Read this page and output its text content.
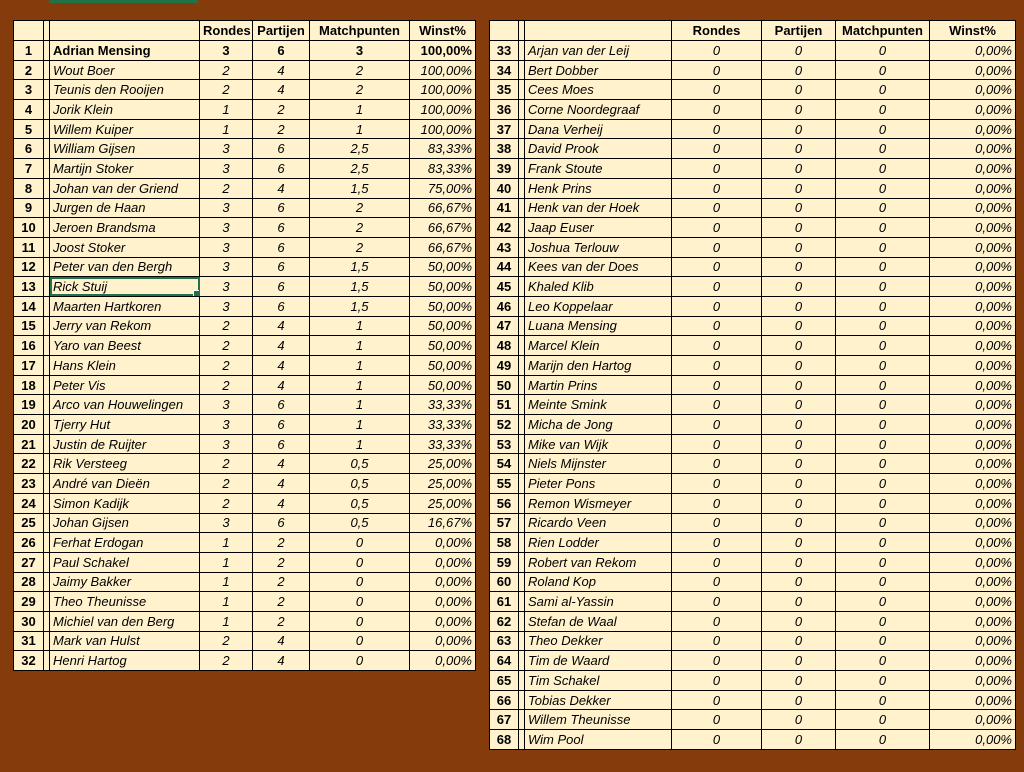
			Rondes	Partijen	Matchpunten	Winst%
1		Adrian Mensing	3	6	3	100,00%
2		Wout Boer	2	4	2	100,00%
3		Teunis den Rooijen	2	4	2	100,00%
4		Jorik Klein	1	2	1	100,00%
5		Willem Kuiper	1	2	1	100,00%
6		William Gijsen	3	6	2,5	83,33%
7		Martijn Stoker	3	6	2,5	83,33%
8		Johan van der Griend	2	4	1,5	75,00%
9		Jurgen de Haan	3	6	2	66,67%
10		Jeroen Brandsma	3	6	2	66,67%
11		Joost Stoker	3	6	2	66,67%
12		Peter van den Bergh	3	6	1,5	50,00%
13		Rick Stuij	3	6	1,5	50,00%
14		Maarten Hartkoren	3	6	1,5	50,00%
15		Jerry van Rekom	2	4	1	50,00%
16		Yaro van Beest	2	4	1	50,00%
17		Hans Klein	2	4	1	50,00%
18		Peter Vis	2	4	1	50,00%
19		Arco van Houwelingen	3	6	1	33,33%
20		Tjerry Hut	3	6	1	33,33%
21		Justin de Ruijter	3	6	1	33,33%
22		Rik Versteeg	2	4	0,5	25,00%
23		André van Dieën	2	4	0,5	25,00%
24		Simon Kadijk	2	4	0,5	25,00%
25		Johan Gijsen	3	6	0,5	16,67%
26		Ferhat Erdogan	1	2	0	0,00%
27		Paul Schakel	1	2	0	0,00%
28		Jaimy Bakker	1	2	0	0,00%
29		Theo Theunisse	1	2	0	0,00%
30		Michiel van den Berg	1	2	0	0,00%
31		Mark van Hulst	2	4	0	0,00%
32		Henri Hartog	2	4	0	0,00%
			Rondes	Partijen	Matchpunten	Winst%
33		Arjan van der Leij	0	0	0	0,00%
34		Bert Dobber	0	0	0	0,00%
35		Cees Moes	0	0	0	0,00%
36		Corne Noordegraaf	0	0	0	0,00%
37		Dana Verheij	0	0	0	0,00%
38		David Prook	0	0	0	0,00%
39		Frank Stoute	0	0	0	0,00%
40		Henk Prins	0	0	0	0,00%
41		Henk van der Hoek	0	0	0	0,00%
42		Jaap Euser	0	0	0	0,00%
43		Joshua Terlouw	0	0	0	0,00%
44		Kees van der Does	0	0	0	0,00%
45		Khaled Klib	0	0	0	0,00%
46		Leo Koppelaar	0	0	0	0,00%
47		Luana Mensing	0	0	0	0,00%
48		Marcel Klein	0	0	0	0,00%
49		Marijn den Hartog	0	0	0	0,00%
50		Martin Prins	0	0	0	0,00%
51		Meinte Smink	0	0	0	0,00%
52		Micha de Jong	0	0	0	0,00%
53		Mike van Wijk	0	0	0	0,00%
54		Niels Mijnster	0	0	0	0,00%
55		Pieter Pons	0	0	0	0,00%
56		Remon Wismeyer	0	0	0	0,00%
57		Ricardo Veen	0	0	0	0,00%
58		Rien Lodder	0	0	0	0,00%
59		Robert van Rekom	0	0	0	0,00%
60		Roland Kop	0	0	0	0,00%
61		Sami al-Yassin	0	0	0	0,00%
62		Stefan de Waal	0	0	0	0,00%
63		Theo Dekker	0	0	0	0,00%
64		Tim de Waard	0	0	0	0,00%
65		Tim Schakel	0	0	0	0,00%
66		Tobias Dekker	0	0	0	0,00%
67		Willem Theunisse	0	0	0	0,00%
68		Wim Pool	0	0	0	0,00%
